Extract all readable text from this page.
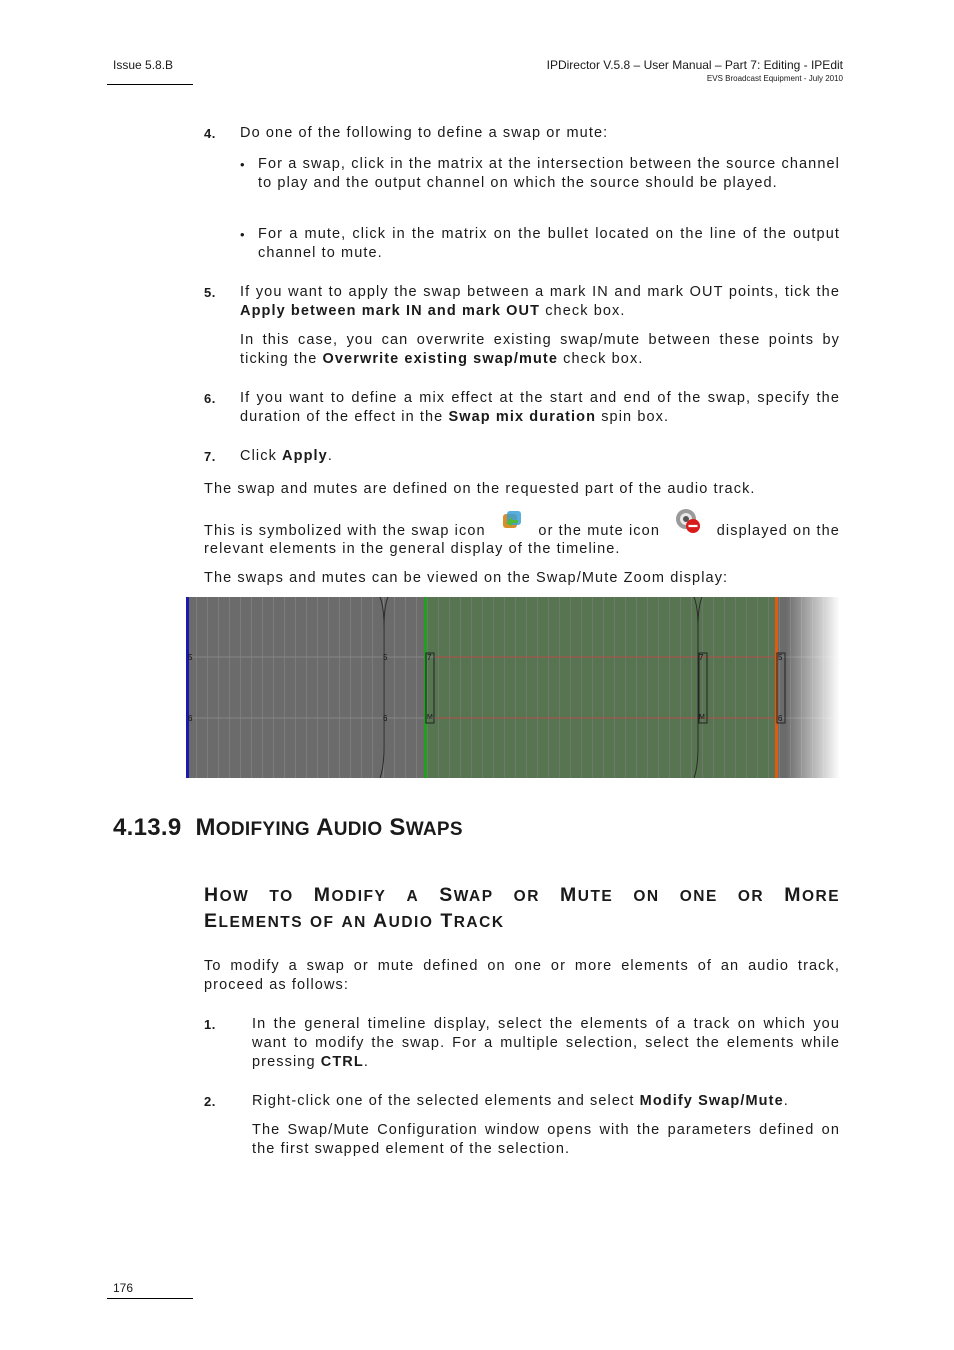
Issue 5.8.B	IPDirector V.5.8 – User Manual – Part 7: Editing - IPEdit
EVS Broadcast Equipment - July 2010
4. Do one of the following to define a swap or mute:
• For a swap, click in the matrix at the intersection between the source channel to play and the output channel on which the source should be played.
• For a mute, click in the matrix on the bullet located on the line of the output channel to mute.
5. If you want to apply the swap between a mark IN and mark OUT points, tick the Apply between mark IN and mark OUT check box.
In this case, you can overwrite existing swap/mute between these points by ticking the Overwrite existing swap/mute check box.
6. If you want to define a mix effect at the start and end of the swap, specify the duration of the effect in the Swap mix duration spin box.
7. Click Apply.
The swap and mutes are defined on the requested part of the audio track.
This is symbolized with the swap icon	or the mute icon	displayed on the
relevant elements in the general display of the timeline.
The swaps and mutes can be viewed on the Swap/Mute Zoom display:
5
6
5
6
7
M
7
M
5
6
4.13.9 MODIFYING AUDIO SWAPS
HOW TO MODIFY A SWAP OR MUTE ON ONE OR MORE
ELEMENTS OF AN AUDIO TRACK
To modify a swap or mute defined on one or more elements of an audio track, proceed as follows:
1. In the general timeline display, select the elements of a track on which you want to modify the swap. For a multiple selection, select the elements while pressing CTRL.
2. Right-click one of the selected elements and select Modify Swap/Mute.
The Swap/Mute Configuration window opens with the parameters defined on the first swapped element of the selection.
176
